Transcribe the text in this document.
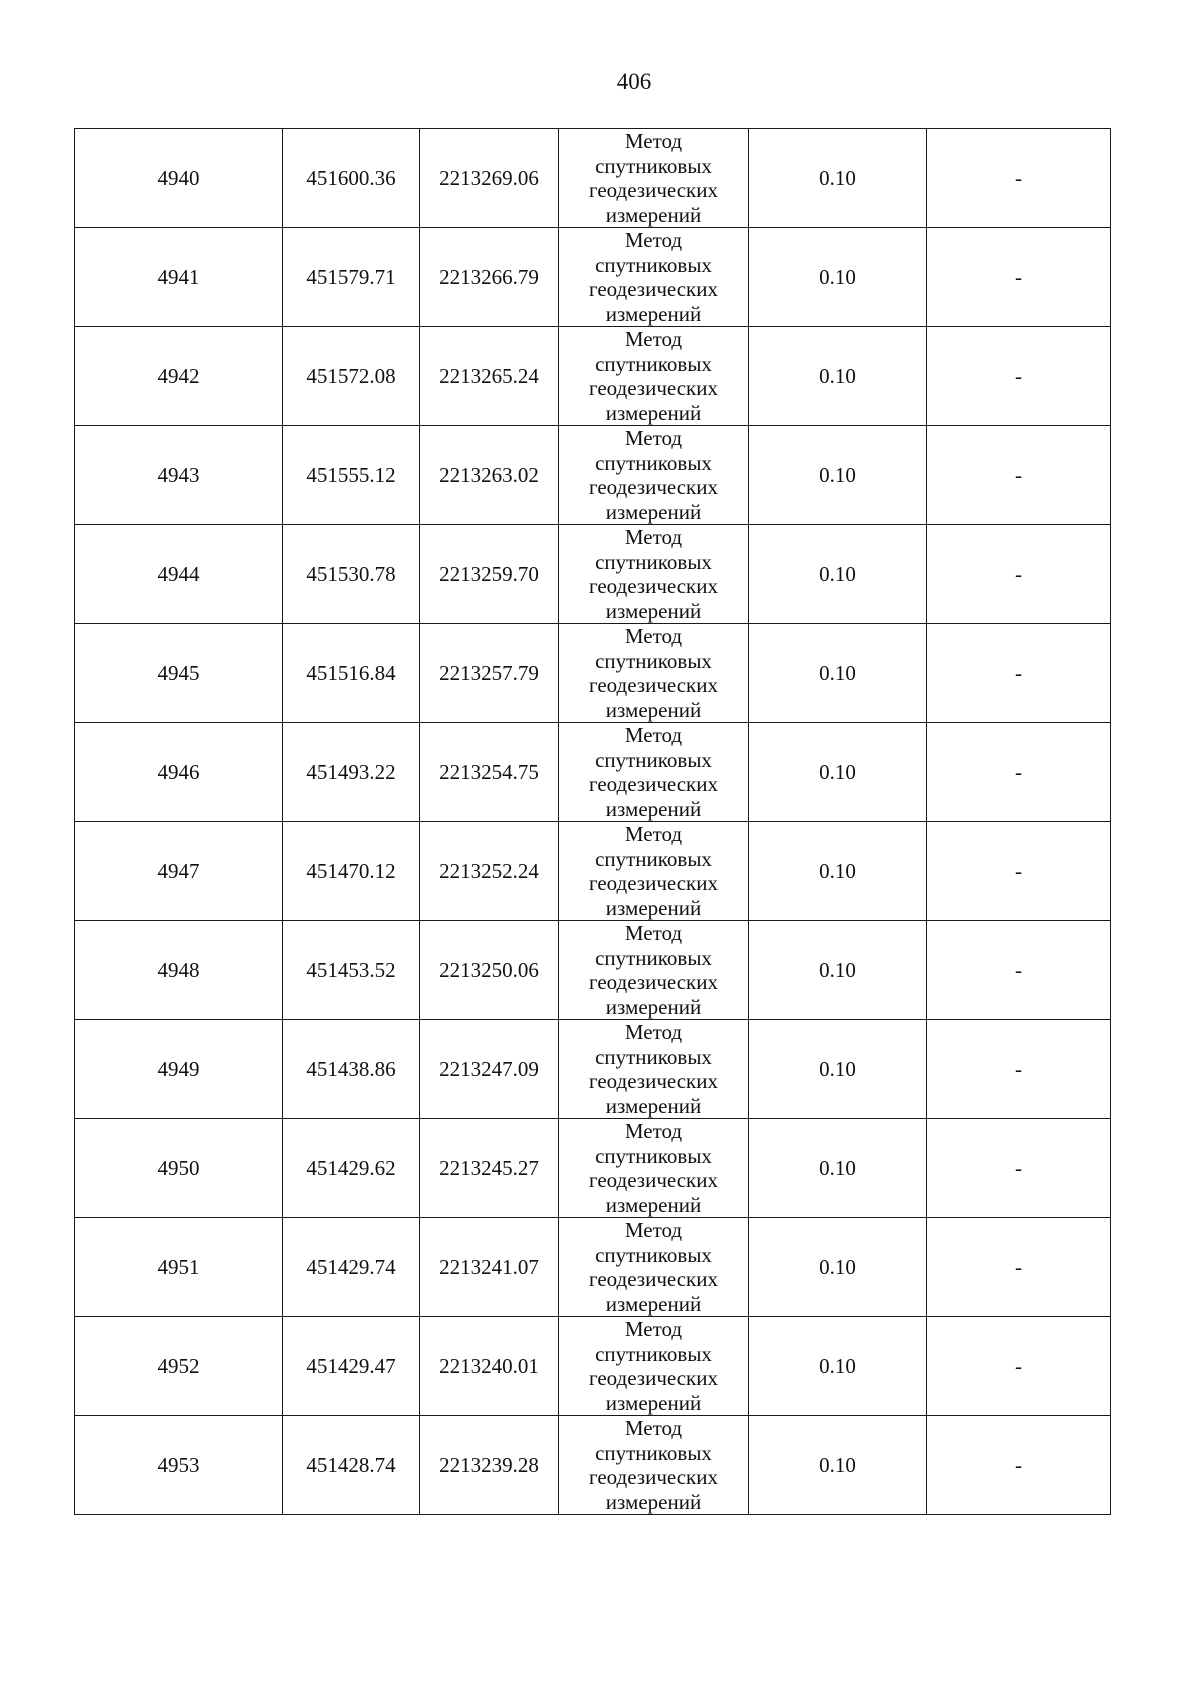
406
4940	451600.36	2213269.06	Метод
спутниковых
геодезических
измерений	0.10	-
4941	451579.71	2213266.79	Метод
спутниковых
геодезических
измерений	0.10	-
4942	451572.08	2213265.24	Метод
спутниковых
геодезических
измерений	0.10	-
4943	451555.12	2213263.02	Метод
спутниковых
геодезических
измерений	0.10	-
4944	451530.78	2213259.70	Метод
спутниковых
геодезических
измерений	0.10	-
4945	451516.84	2213257.79	Метод
спутниковых
геодезических
измерений	0.10	-
4946	451493.22	2213254.75	Метод
спутниковых
геодезических
измерений	0.10	-
4947	451470.12	2213252.24	Метод
спутниковых
геодезических
измерений	0.10	-
4948	451453.52	2213250.06	Метод
спутниковых
геодезических
измерений	0.10	-
4949	451438.86	2213247.09	Метод
спутниковых
геодезических
измерений	0.10	-
4950	451429.62	2213245.27	Метод
спутниковых
геодезических
измерений	0.10	-
4951	451429.74	2213241.07	Метод
спутниковых
геодезических
измерений	0.10	-
4952	451429.47	2213240.01	Метод
спутниковых
геодезических
измерений	0.10	-
4953	451428.74	2213239.28	Метод
спутниковых
геодезических
измерений	0.10	-
